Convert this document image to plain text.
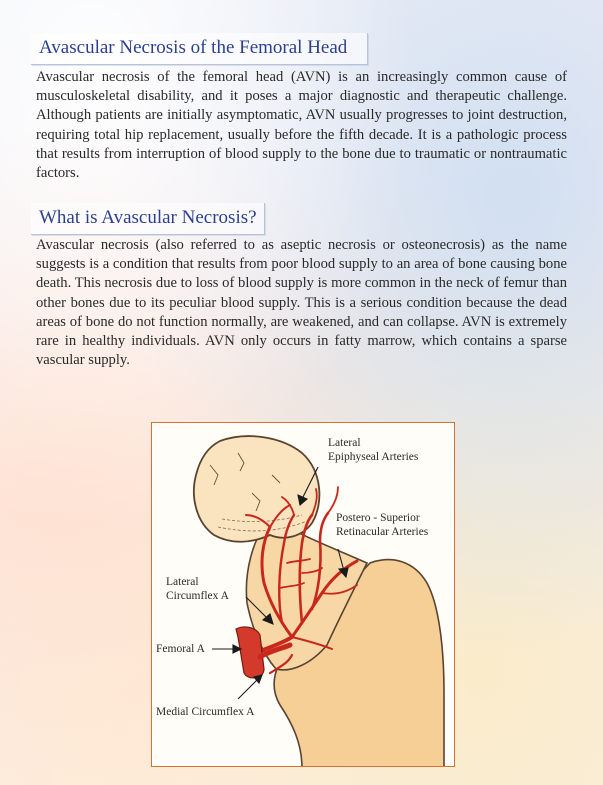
Avascular Necrosis of the Femoral Head

Avascular necrosis of the femoral head (AVN) is an increasingly common cause of musculoskeletal disability, and it poses a major diagnostic and therapeutic challenge. Although patients are initially asymptomatic, AVN usually progresses to joint destruction, requiring total hip replacement, usually before the fifth decade. It is a pathologic process that results from interruption of blood supply to the bone due to traumatic or nontraumatic factors.

What is Avascular Necrosis?

Avascular necrosis (also referred to as aseptic necrosis or osteonecrosis) as the name suggests is a condition that results from poor blood supply to an area of bone causing bone death. This necrosis due to loss of blood supply is more common in the neck of femur than other bones due to its peculiar blood supply. This is a serious condition because the dead areas of bone do not function normally, are weakened, and can collapse. AVN is extremely rare in healthy individuals. AVN only occurs in fatty marrow, which contains a sparse vascular supply.

Lateral
Epiphyseal Arteries
Postero - Superior
Retinacular Arteries
Lateral
Circumflex A
Femoral A
Medial Circumflex A
